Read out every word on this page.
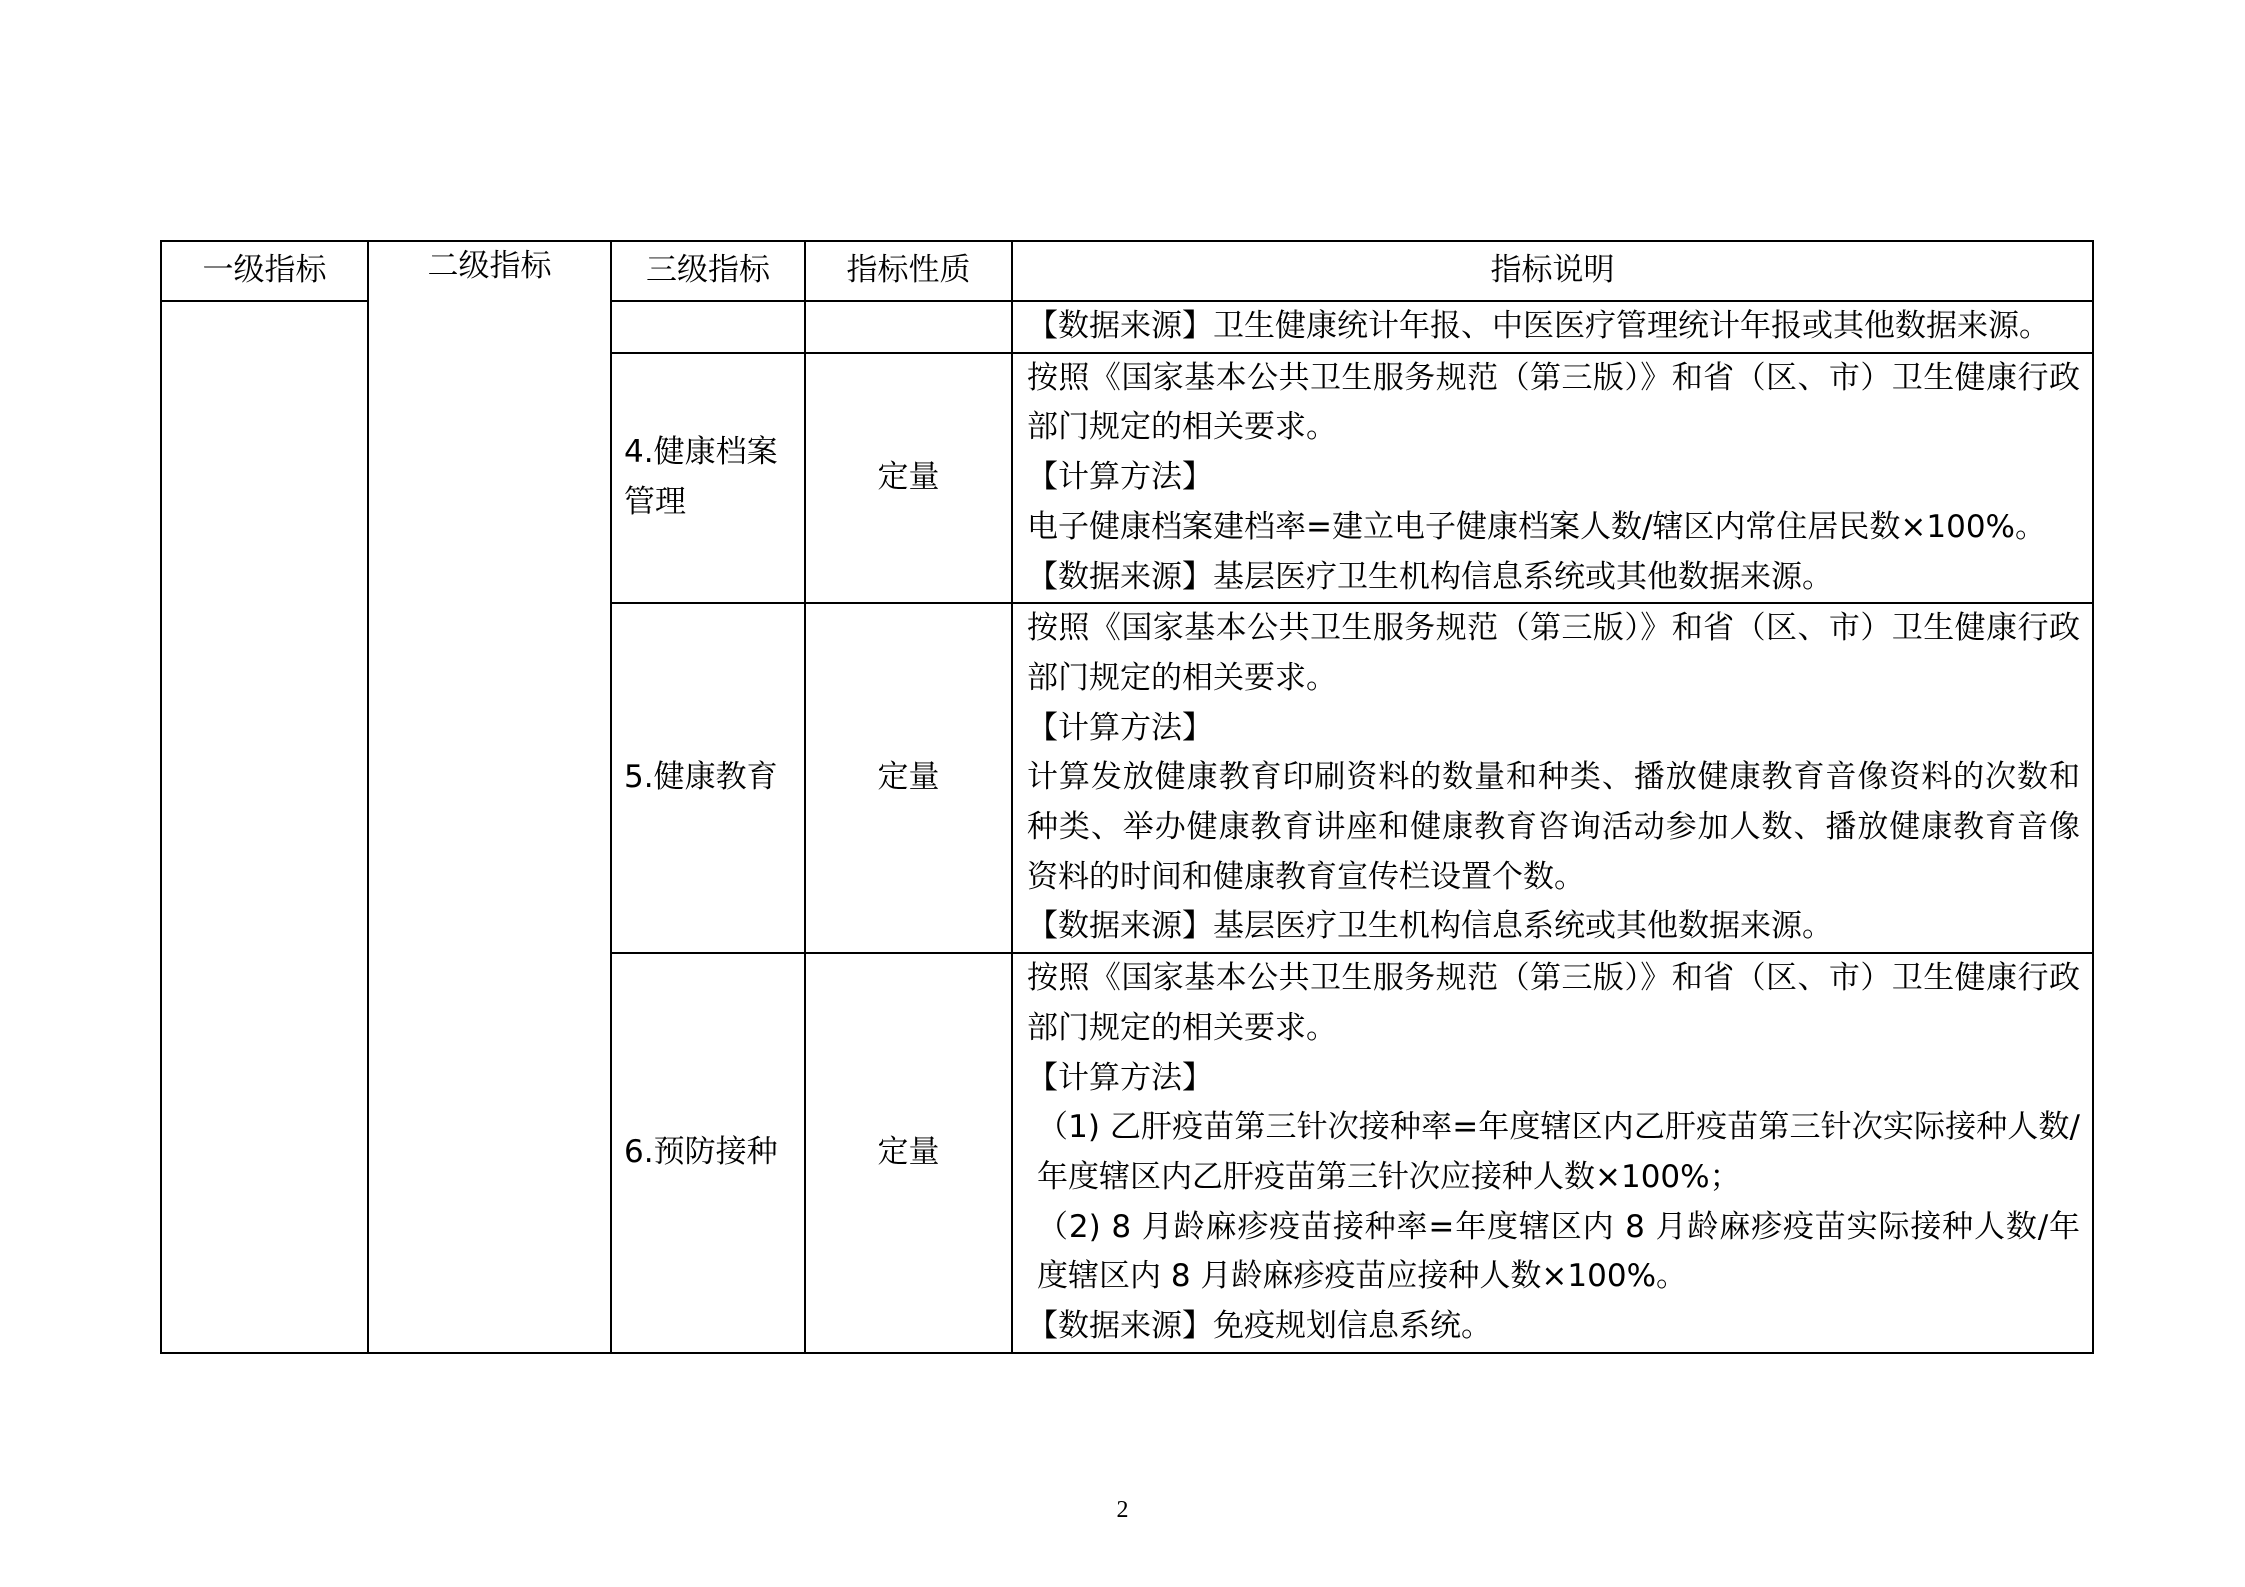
一级指标	二级指标	三级指标	指标性质	指标说明

				【数据来源】卫生健康统计年报、中医医疗管理统计年报或其他数据来源。

		4.健康档案管理	定量	按照《国家基本公共卫生服务规范（第三版）》和省（区、市）卫生健康行政部门规定的相关要求。
【计算方法】
电子健康档案建档率=建立电子健康档案人数/辖区内常住居民数×100%。
【数据来源】基层医疗卫生机构信息系统或其他数据来源。

		5.健康教育	定量	按照《国家基本公共卫生服务规范（第三版）》和省（区、市）卫生健康行政部门规定的相关要求。
【计算方法】
计算发放健康教育印刷资料的数量和种类、播放健康教育音像资料的次数和种类、举办健康教育讲座和健康教育咨询活动参加人数、播放健康教育音像资料的时间和健康教育宣传栏设置个数。
【数据来源】基层医疗卫生机构信息系统或其他数据来源。

		6.预防接种	定量	按照《国家基本公共卫生服务规范（第三版）》和省（区、市）卫生健康行政部门规定的相关要求。
【计算方法】
（1) 乙肝疫苗第三针次接种率=年度辖区内乙肝疫苗第三针次实际接种人数/年度辖区内乙肝疫苗第三针次应接种人数×100%；
（2) 8 月龄麻疹疫苗接种率=年度辖区内 8 月龄麻疹疫苗实际接种人数/年度辖区内 8 月龄麻疹疫苗应接种人数×100%。
【数据来源】免疫规划信息系统。
2
